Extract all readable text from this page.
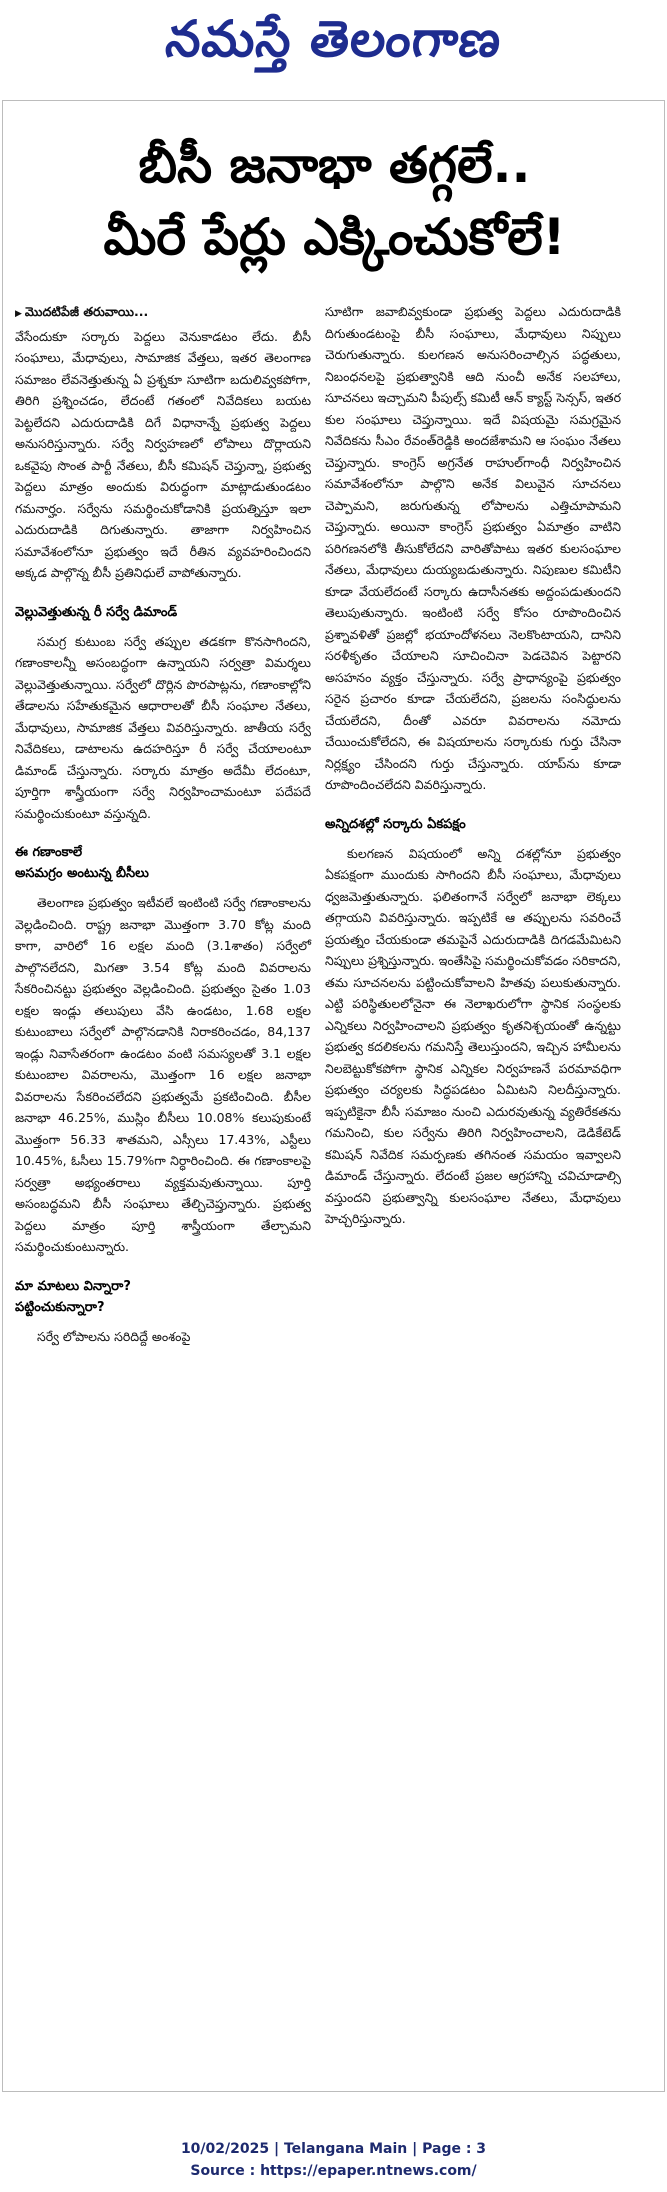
నమస్తే తెలంగాణ
బీసీ జనాభా తగ్గలే..
మీరే పేర్లు ఎక్కించుకోలే!

▶ మొదటిపేజీ తరువాయి...
వేసేందుకూ సర్కారు పెద్దలు వెనుకాడటం లేదు. బీసీ సంఘాలు, మేధావులు, సామాజిక వేత్తలు, ఇతర తెలంగాణ సమాజం లేవనెత్తుతున్న ఏ ప్రశ్నకూ సూటిగా బదులివ్వకపోగా, తిరిగి ప్రశ్నించడం, లేదంటే గతంలో నివేదికలు బయట పెట్టలేదని ఎదురుదాడికి దిగే విధానాన్నే ప్రభుత్వ పెద్దలు అనుసరిస్తున్నారు. సర్వే నిర్వహణలో లోపాలు దొర్లాయని ఒకవైపు సొంత పార్టీ నేతలు, బీసీ కమిషన్ చెప్తున్నా, ప్రభుత్వ పెద్దలు మాత్రం అందుకు విరుద్ధంగా మాట్లాడుతుండటం గమనార్హం. సర్వేను సమర్థించుకోడానికి ప్రయత్నిస్తూ ఇలా ఎదురుదాడికి దిగుతున్నారు. తాజాగా నిర్వహించిన సమావేశంలోనూ ప్రభుత్వం ఇదే రీతిన వ్యవహరించిందని అక్కడ పాల్గొన్న బీసీ ప్రతినిధులే వాపోతున్నారు.

వెల్లువెత్తుతున్న రీ సర్వే డిమాండ్

సమగ్ర కుటుంబ సర్వే తప్పుల తడకగా కొనసాగిందని, గణాంకాలన్నీ అసంబద్ధంగా ఉన్నాయని సర్వత్రా విమర్శలు వెల్లువెత్తుతున్నాయి. సర్వేలో దొర్లిన పొరపాట్లను, గణాంకాల్లోని తేడాలను సహేతుకమైన ఆధారాలతో బీసీ సంఘాల నేతలు, మేధావులు, సామాజిక వేత్తలు వివరిస్తున్నారు. జాతీయ సర్వే నివేదికలు, డాటాలను ఉదహరిస్తూ రీ సర్వే చేయాలంటూ డిమాండ్ చేస్తున్నారు. సర్కారు మాత్రం అదేమీ లేదంటూ, పూర్తిగా శాస్త్రీయంగా సర్వే నిర్వహించామంటూ పదేపదే సమర్థించుకుంటూ వస్తున్నది.

ఈ గణాంకాలే
అసమగ్రం అంటున్న బీసీలు

తెలంగాణ ప్రభుత్వం ఇటీవలే ఇంటింటి సర్వే గణాంకాలను వెల్లడించింది. రాష్ట్ర జనాభా మొత్తంగా 3.70 కోట్ల మంది కాగా, వారిలో 16 లక్షల మంది (3.1శాతం) సర్వేలో పాల్గొనలేదని, మిగతా 3.54 కోట్ల మంది వివరాలను సేకరించినట్టు ప్రభుత్వం వెల్లడించింది. ప్రభుత్వం సైతం 1.03 లక్షల ఇండ్లు తలుపులు వేసి ఉండటం, 1.68 లక్షల కుటుంబాలు సర్వేలో పాల్గొనడానికి నిరాకరించడం, 84,137 ఇండ్లు నివాసేతరంగా ఉండటం వంటి సమస్యలతో 3.1 లక్షల కుటుంబాల వివరాలను, మొత్తంగా 16 లక్షల జనాభా వివరాలను సేకరించలేదని ప్రభుత్వమే ప్రకటించింది. బీసీల జనాభా 46.25%, ముస్లిం బీసీలు 10.08% కలుపుకుంటే మొత్తంగా 56.33 శాతమని, ఎస్సీలు 17.43%, ఎస్టీలు 10.45%, ఓసీలు 15.79%గా నిర్ధారించింది. ఈ గణాంకాలపై సర్వత్రా అభ్యంతరాలు వ్యక్తమవుతున్నాయి. పూర్తి అసంబద్ధమని బీసీ సంఘాలు తేల్చిచెప్తున్నారు. ప్రభుత్వ పెద్దలు మాత్రం పూర్తి శాస్త్రీయంగా తేల్చామని సమర్థించుకుంటున్నారు.

మా మాటలు విన్నారా?
పట్టించుకున్నారా?

సర్వే లోపాలను సరిదిద్దే అంశంపై

సూటిగా జవాబివ్వకుండా ప్రభుత్వ పెద్దలు ఎదురుదాడికి దిగుతుండటంపై బీసీ సంఘాలు, మేధావులు నిప్పులు చెరుగుతున్నారు. కులగణన అనుసరించాల్సిన పద్ధతులు, నిబంధనలపై ప్రభుత్వానికి ఆది నుంచీ అనేక సలహాలు, సూచనలు ఇచ్చామని పీపుల్స్ కమిటీ ఆన్ క్యాస్ట్ సెన్సస్, ఇతర కుల సంఘాలు చెప్తున్నాయి. ఇదే విషయమై సమగ్రమైన నివేదికను సీఎం రేవంత్‌రెడ్డికి అందజేశామని ఆ సంఘం నేతలు చెప్తున్నారు. కాంగ్రెస్ అగ్రనేత రాహుల్‌గాంధీ నిర్వహించిన సమావేశంలోనూ పాల్గొని అనేక విలువైన సూచనలు చెప్పామని, జరుగుతున్న లోపాలను ఎత్తిచూపామని చెప్తున్నారు. అయినా కాంగ్రెస్ ప్రభుత్వం ఏమాత్రం వాటిని పరిగణనలోకి తీసుకోలేదని వారితోపాటు ఇతర కులసంఘాల నేతలు, మేధావులు దుయ్యబడుతున్నారు. నిపుణుల కమిటీని కూడా వేయలేదంటే సర్కారు ఉదాసీనతకు అద్దంపడుతుందని తెలుపుతున్నారు. ఇంటింటి సర్వే కోసం రూపొందించిన ప్రశ్నావళితో ప్రజల్లో భయాందోళనలు నెలకొంటాయని, దానిని సరళీకృతం చేయాలని సూచించినా పెడచెవిన పెట్టారని అసహనం వ్యక్తం చేస్తున్నారు. సర్వే ప్రాధాన్యంపై ప్రభుత్వం సరైన ప్రచారం కూడా చేయలేదని, ప్రజలను సంసిద్ధులను చేయలేదని, దీంతో ఎవరూ వివరాలను నమోదు చేయించుకోలేదని, ఈ విషయాలను సర్కారుకు గుర్తు చేసినా నిర్లక్ష్యం చేసిందని గుర్తు చేస్తున్నారు. యాప్‌ను కూడా రూపొందించలేదని వివరిస్తున్నారు.

అన్నిదశల్లో సర్కారు ఏకపక్షం

కులగణన విషయంలో అన్ని దశల్లోనూ ప్రభుత్వం ఏకపక్షంగా ముందుకు సాగిందని బీసీ సంఘాలు, మేధావులు ధ్వజమెత్తుతున్నారు. ఫలితంగానే సర్వేలో జనాభా లెక్కలు తగ్గాయని వివరిస్తున్నారు. ఇప్పటికే ఆ తప్పులను సవరించే ప్రయత్నం చేయకుండా తమపైనే ఎదురుదాడికి దిగడమేమిటని నిప్పులు ప్రశ్నిస్తున్నారు. ఇంతేసిపై సమర్థించుకోవడం సరికాదని, తమ సూచనలను పట్టించుకోవాలని హితవు పలుకుతున్నారు. ఎట్టి పరిస్థితులలోనైనా ఈ నెలాఖరులోగా స్థానిక సంస్థలకు ఎన్నికలు నిర్వహించాలని ప్రభుత్వం కృతనిశ్చయంతో ఉన్నట్టు ప్రభుత్వ కదలికలను గమనిస్తే తెలుస్తుందని, ఇచ్చిన హామీలను నిలబెట్టుకోకపోగా స్థానిక ఎన్నికల నిర్వహణనే పరమావధిగా ప్రభుత్వం చర్యలకు సిద్ధపడటం ఏమిటని నిలదీస్తున్నారు. ఇప్పటికైనా బీసీ సమాజం నుంచి ఎదురవుతున్న వ్యతిరేకతను గమనించి, కుల సర్వేను తిరిగి నిర్వహించాలని, డెడికేటెడ్ కమిషన్ నివేదిక సమర్పణకు తగినంత సమయం ఇవ్వాలని డిమాండ్ చేస్తున్నారు. లేదంటే ప్రజల ఆగ్రహాన్ని చవిచూడాల్సి వస్తుందని ప్రభుత్వాన్ని కులసంఘాల నేతలు, మేధావులు హెచ్చరిస్తున్నారు.

10/02/2025 | Telangana Main | Page : 3
Source : https://epaper.ntnews.com/
